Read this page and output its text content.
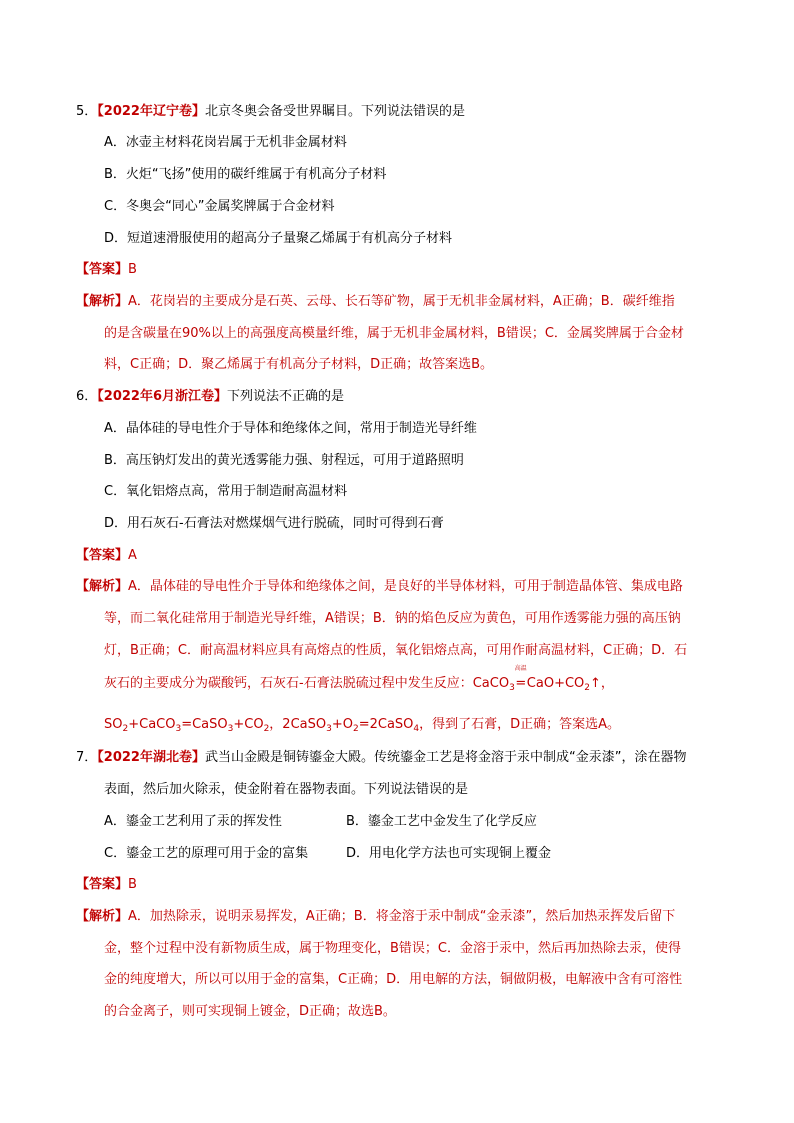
5．【2022年辽宁卷】北京冬奥会备受世界瞩目。下列说法错误的是
A．冰壶主材料花岗岩属于无机非金属材料
B．火炬“飞扬”使用的碳纤维属于有机高分子材料
C．冬奥会“同心”金属奖牌属于合金材料
D．短道速滑服使用的超高分子量聚乙烯属于有机高分子材料
【答案】B
【解析】A．花岗岩的主要成分是石英、云母、长石等矿物，属于无机非金属材料，A正确；B．碳纤维指
的是含碳量在90%以上的高强度高模量纤维，属于无机非金属材料，B错误；C．金属奖牌属于合金材
料，C正确；D．聚乙烯属于有机高分子材料，D正确；故答案选B。
6．【2022年6月浙江卷】下列说法不正确的是
A．晶体硅的导电性介于导体和绝缘体之间，常用于制造光导纤维
B．高压钠灯发出的黄光透雾能力强、射程远，可用于道路照明
C．氧化铝熔点高，常用于制造耐高温材料
D．用石灰石-石膏法对燃煤烟气进行脱硫，同时可得到石膏
【答案】A
【解析】A．晶体硅的导电性介于导体和绝缘体之间，是良好的半导体材料，可用于制造晶体管、集成电路
等，而二氧化硅常用于制造光导纤维，A错误；B．钠的焰色反应为黄色，可用作透雾能力强的高压钠
灯，B正确；C．耐高温材料应具有高熔点的性质，氧化铝熔点高，可用作耐高温材料，C正确；D．石
灰石的主要成分为碳酸钙，石灰石-石膏法脱硫过程中发生反应：CaCO$_3$
高温
$=CaO+CO_2↑$，
$SO_2+CaCO_3=CaSO_3+CO_2$，$2CaSO_3+O_2=2CaSO_4$，得到了石膏，D正确；答案选A。
7．【2022年湖北卷】武当山金殿是铜铸鎏金大殿。传统鎏金工艺是将金溶于汞中制成“金汞漆”，涂在器物
表面，然后加火除汞，使金附着在器物表面。下列说法错误的是
A．鎏金工艺利用了汞的挥发性	B．鎏金工艺中金发生了化学反应
C．鎏金工艺的原理可用于金的富集	D．用电化学方法也可实现铜上覆金
【答案】B
【解析】A．加热除汞，说明汞易挥发，A正确；B．将金溶于汞中制成“金汞漆”，然后加热汞挥发后留下
金，整个过程中没有新物质生成，属于物理变化，B错误；C．金溶于汞中，然后再加热除去汞，使得
金的纯度增大，所以可以用于金的富集，C正确；D．用电解的方法，铜做阴极，电解液中含有可溶性
的合金离子，则可实现铜上镀金，D正确；故选B。
